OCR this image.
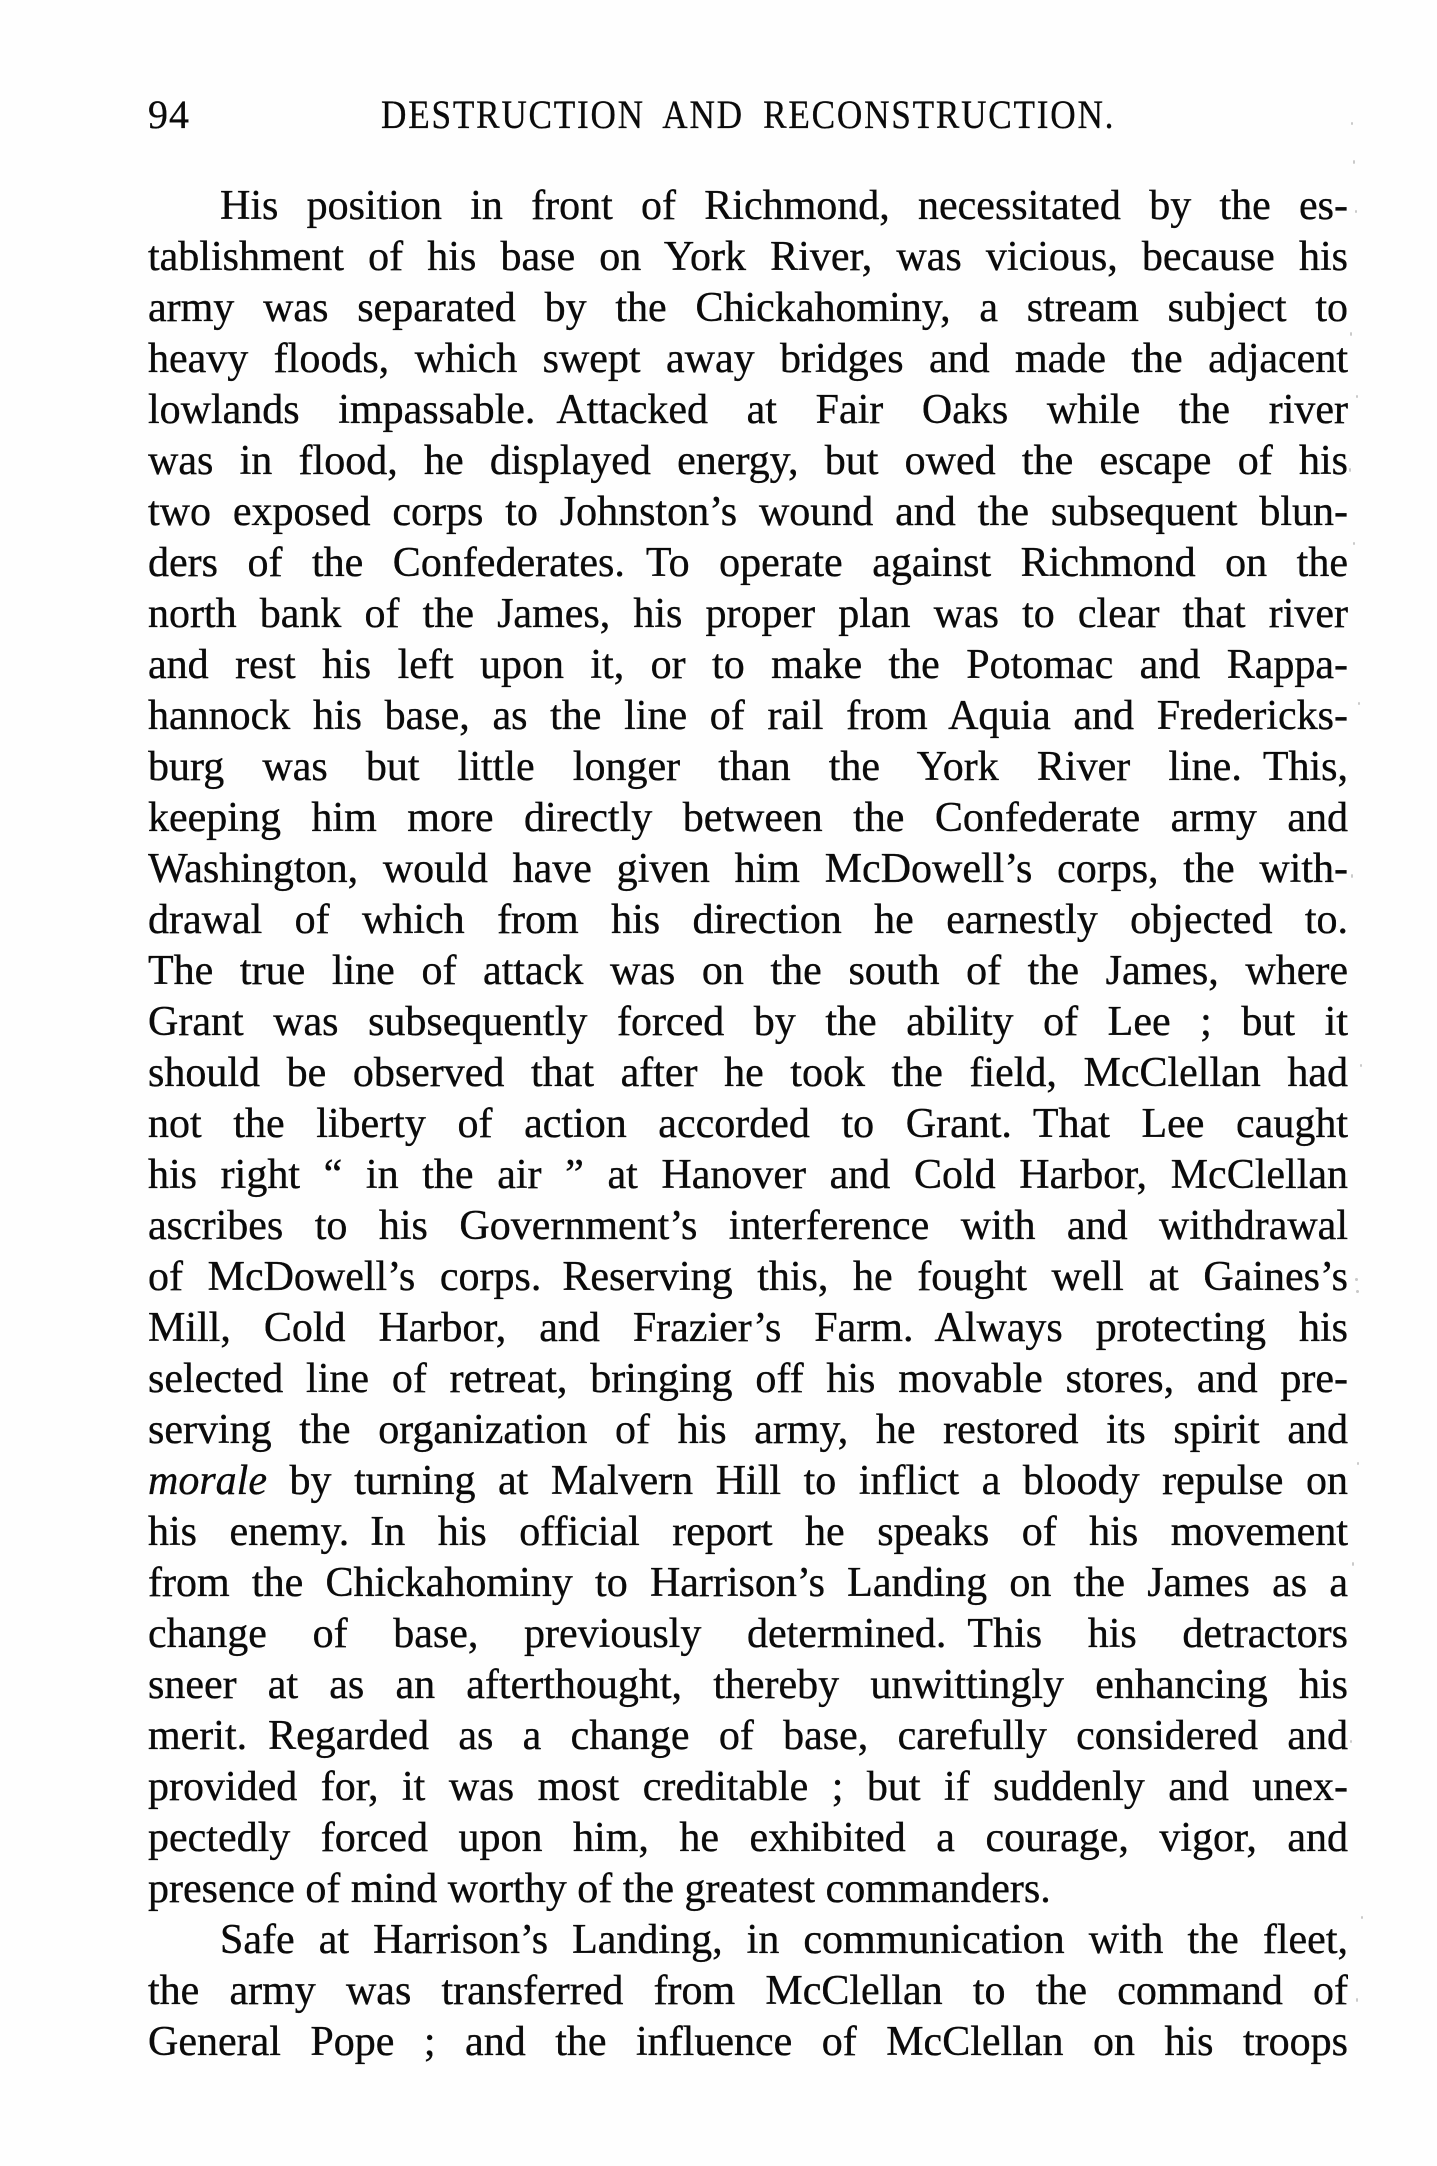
94	DESTRUCTION AND RECONSTRUCTION.
His position in front of Richmond, necessitated by the es-
tablishment of his base on York River, was vicious, because his
army was separated by the Chickahominy, a stream subject to
heavy floods, which swept away bridges and made the adjacent
lowlands impassable. Attacked at Fair Oaks while the river
was in flood, he displayed energy, but owed the escape of his
two exposed corps to Johnston’s wound and the subsequent blun-
ders of the Confederates. To operate against Richmond on the
north bank of the James, his proper plan was to clear that river
and rest his left upon it, or to make the Potomac and Rappa-
hannock his base, as the line of rail from Aquia and Fredericks-
burg was but little longer than the York River line. This,
keeping him more directly between the Confederate army and
Washington, would have given him McDowell’s corps, the with-
drawal of which from his direction he earnestly objected to.
The true line of attack was on the south of the James, where
Grant was subsequently forced by the ability of Lee ; but it
should be observed that after he took the field, McClellan had
not the liberty of action accorded to Grant. That Lee caught
his right “ in the air ” at Hanover and Cold Harbor, McClellan
ascribes to his Government’s interference with and withdrawal
of McDowell’s corps. Reserving this, he fought well at Gaines’s
Mill, Cold Harbor, and Frazier’s Farm. Always protecting his
selected line of retreat, bringing off his movable stores, and pre-
serving the organization of his army, he restored its spirit and
morale by turning at Malvern Hill to inflict a bloody repulse on
his enemy. In his official report he speaks of his movement
from the Chickahominy to Harrison’s Landing on the James as a
change of base, previously determined. This his detractors
sneer at as an afterthought, thereby unwittingly enhancing his
merit. Regarded as a change of base, carefully considered and
provided for, it was most creditable ; but if suddenly and unex-
pectedly forced upon him, he exhibited a courage, vigor, and
presence of mind worthy of the greatest commanders.
Safe at Harrison’s Landing, in communication with the fleet,
the army was transferred from McClellan to the command of
General Pope ; and the influence of McClellan on his troops
